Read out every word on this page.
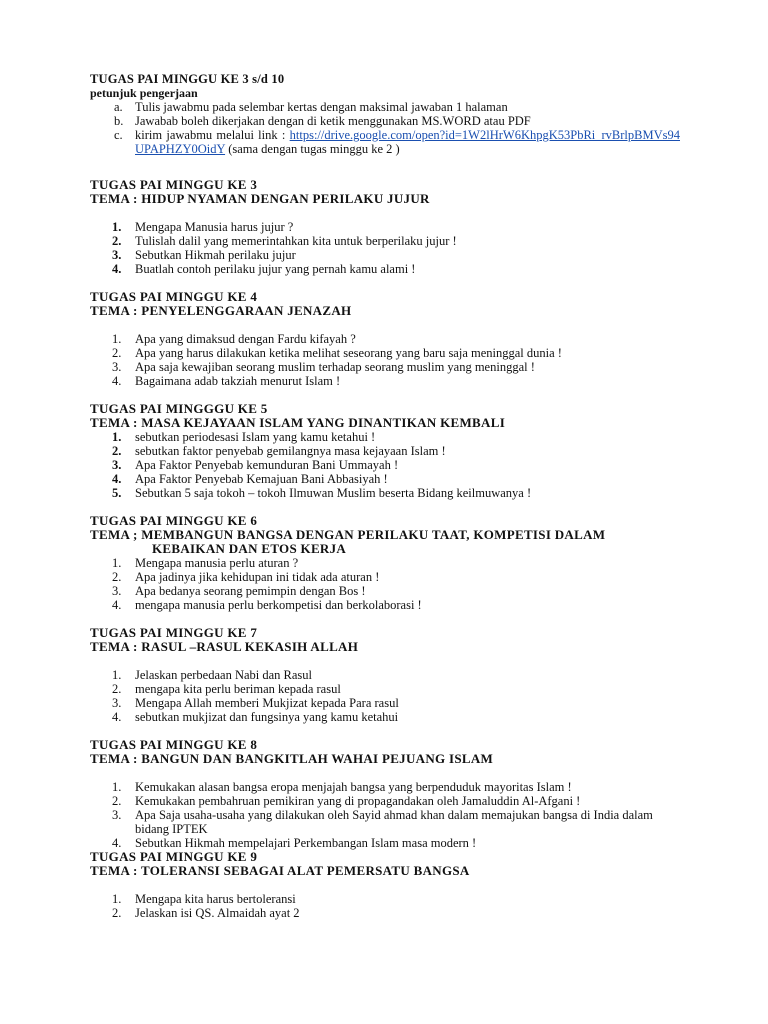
TUGAS PAI MINGGU KE 3 s/d 10
petunjuk pengerjaan
a. Tulis jawabmu pada selembar kertas dengan maksimal jawaban 1 halaman
b. Jawabab boleh dikerjakan dengan di ketik menggunakan MS.WORD atau PDF
c. kirim jawabmu melalui link : https://drive.google.com/open?id=1W2lHrW6KhpgK53PbRi_rvBrlpBMVs94UPAPHZY0OidY (sama dengan tugas minggu ke 2 )
TUGAS PAI MINGGU KE 3
TEMA : HIDUP NYAMAN DENGAN PERILAKU JUJUR
1. Mengapa Manusia harus jujur ?
2. Tulislah dalil yang memerintahkan kita untuk berperilaku jujur !
3. Sebutkan Hikmah perilaku jujur
4. Buatlah contoh perilaku jujur yang pernah kamu alami !
TUGAS PAI MINGGU KE 4
TEMA : PENYELENGGARAAN JENAZAH
1. Apa yang dimaksud dengan Fardu kifayah ?
2. Apa yang harus dilakukan ketika melihat seseorang yang baru saja meninggal dunia !
3. Apa saja kewajiban seorang muslim terhadap seorang muslim yang meninggal !
4. Bagaimana adab takziah menurut Islam !
TUGAS PAI MINGGGU KE 5
TEMA : MASA KEJAYAAN ISLAM YANG DINANTIKAN KEMBALI
1. sebutkan periodesasi Islam yang kamu ketahui !
2. sebutkan faktor penyebab gemilangnya masa kejayaan Islam !
3. Apa Faktor Penyebab kemunduran Bani Ummayah !
4. Apa Faktor Penyebab Kemajuan Bani Abbasiyah !
5. Sebutkan 5 saja tokoh – tokoh Ilmuwan Muslim beserta Bidang keilmuwanya !
TUGAS PAI MINGGU KE 6
TEMA ; MEMBANGUN BANGSA DENGAN PERILAKU TAAT, KOMPETISI DALAM
KEBAIKAN DAN ETOS KERJA
1. Mengapa manusia perlu aturan ?
2. Apa jadinya jika kehidupan ini tidak ada aturan !
3. Apa bedanya seorang pemimpin dengan Bos !
4. mengapa manusia perlu berkompetisi dan berkolaborasi !
TUGAS PAI MINGGU KE 7
TEMA : RASUL –RASUL KEKASIH ALLAH
1. Jelaskan perbedaan Nabi dan Rasul
2. mengapa kita perlu beriman kepada rasul
3. Mengapa Allah memberi Mukjizat kepada Para rasul
4. sebutkan mukjizat dan fungsinya yang kamu ketahui
TUGAS PAI MINGGU KE 8
TEMA : BANGUN DAN BANGKITLAH WAHAI PEJUANG ISLAM
1. Kemukakan alasan bangsa eropa menjajah bangsa yang berpenduduk mayoritas Islam !
2. Kemukakan pembahruan pemikiran yang di propagandakan oleh Jamaluddin Al-Afgani !
3. Apa Saja usaha-usaha yang dilakukan oleh Sayid ahmad khan dalam memajukan bangsa di India dalam bidang IPTEK
4. Sebutkan Hikmah mempelajari Perkembangan Islam masa modern !
TUGAS PAI MINGGU KE 9
TEMA : TOLERANSI SEBAGAI ALAT PEMERSATU BANGSA
1. Mengapa kita harus bertoleransi
2. Jelaskan isi QS. Almaidah ayat 2
